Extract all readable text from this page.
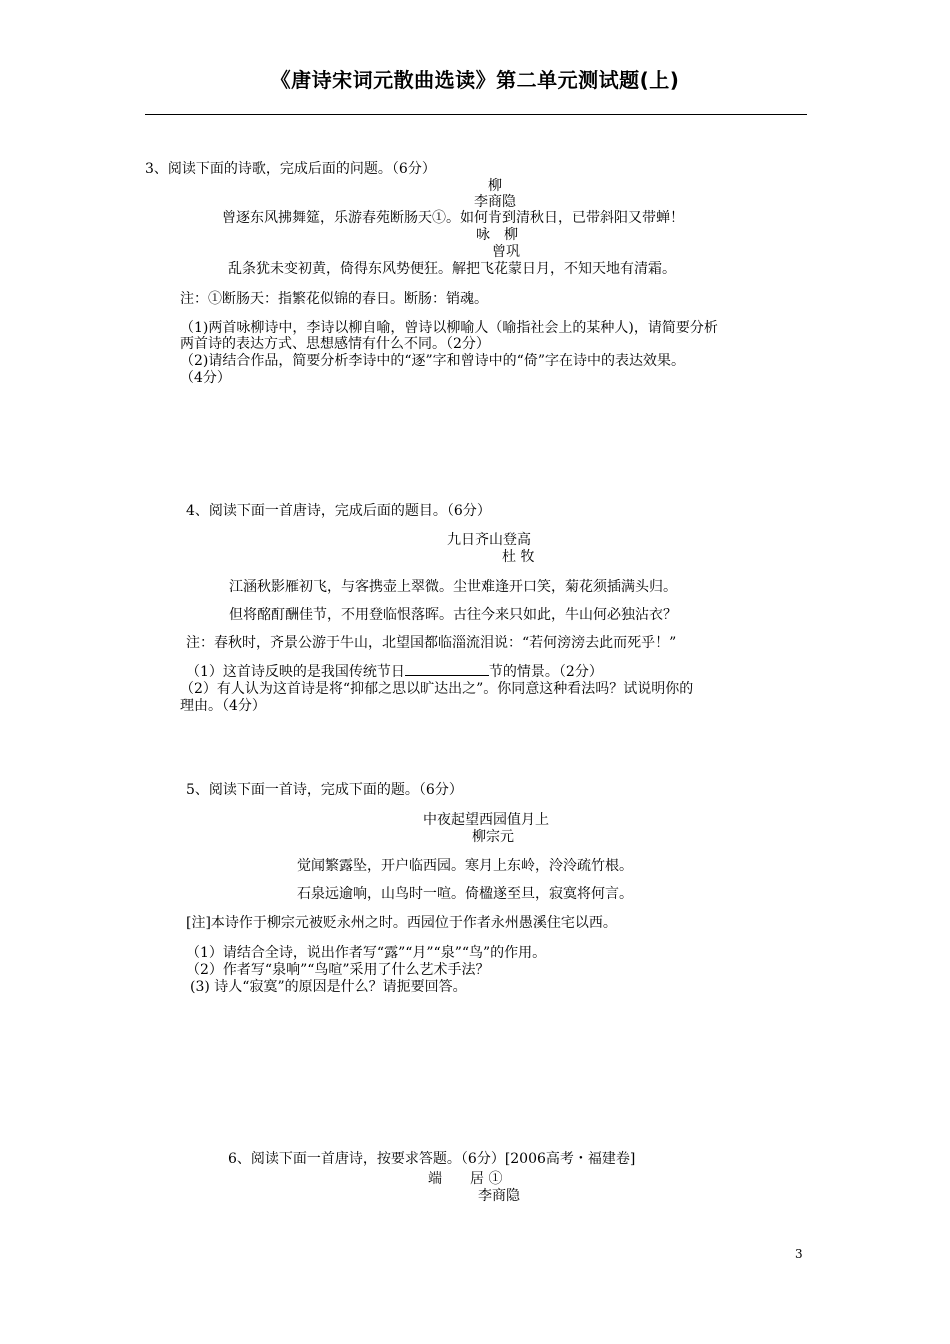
《唐诗宋词元散曲选读》第二单元测试题(上)
3、阅读下面的诗歌，完成后面的问题。（6分）
柳
李商隐
曾逐东风拂舞筵，乐游春苑断肠天①。如何肯到清秋日，已带斜阳又带蝉！
咏　柳
曾巩
乱条犹未变初黄，倚得东风势便狂。解把飞花蒙日月，不知天地有清霜。
注：①断肠天：指繁花似锦的春日。断肠：销魂。
（1)两首咏柳诗中，李诗以柳自喻，曾诗以柳喻人（喻指社会上的某种人)，请简要分析
两首诗的表达方式、思想感情有什么不同。（2分）
（2)请结合作品，简要分析李诗中的“逐”字和曾诗中的“倚”字在诗中的表达效果。
（4分）
4、阅读下面一首唐诗，完成后面的题目。（6分）
九日齐山登高
杜 牧
江涵秋影雁初飞，与客携壶上翠微。尘世难逢开口笑，菊花须插满头归。
但将酩酊酬佳节，不用登临恨落晖。古往今来只如此，牛山何必独沾衣？
注：春秋时，齐景公游于牛山，北望国都临淄流泪说：“若何滂滂去此而死乎！”
（1）这首诗反映的是我国传统节日	节的情景。（2分）
（2）有人认为这首诗是将“抑郁之思以旷达出之”。你同意这种看法吗？试说明你的
理由。（4分）
5、阅读下面一首诗，完成下面的题。（6分）
中夜起望西园值月上
柳宗元
觉闻繁露坠，开户临西园。寒月上东岭，泠泠疏竹根。
石泉远逾响，山鸟时一喧。倚楹遂至旦，寂寞将何言。
[注]本诗作于柳宗元被贬永州之时。西园位于作者永州愚溪住宅以西。
（1）请结合全诗，说出作者写“露”“月”“泉”“鸟”的作用。
（2）作者写“泉响”“鸟喧”采用了什么艺术手法？
(3) 诗人“寂寞”的原因是什么？请扼要回答。
6、阅读下面一首唐诗，按要求答题。（6分）[2006高考・福建卷]
端　　居 ①
李商隐
3
